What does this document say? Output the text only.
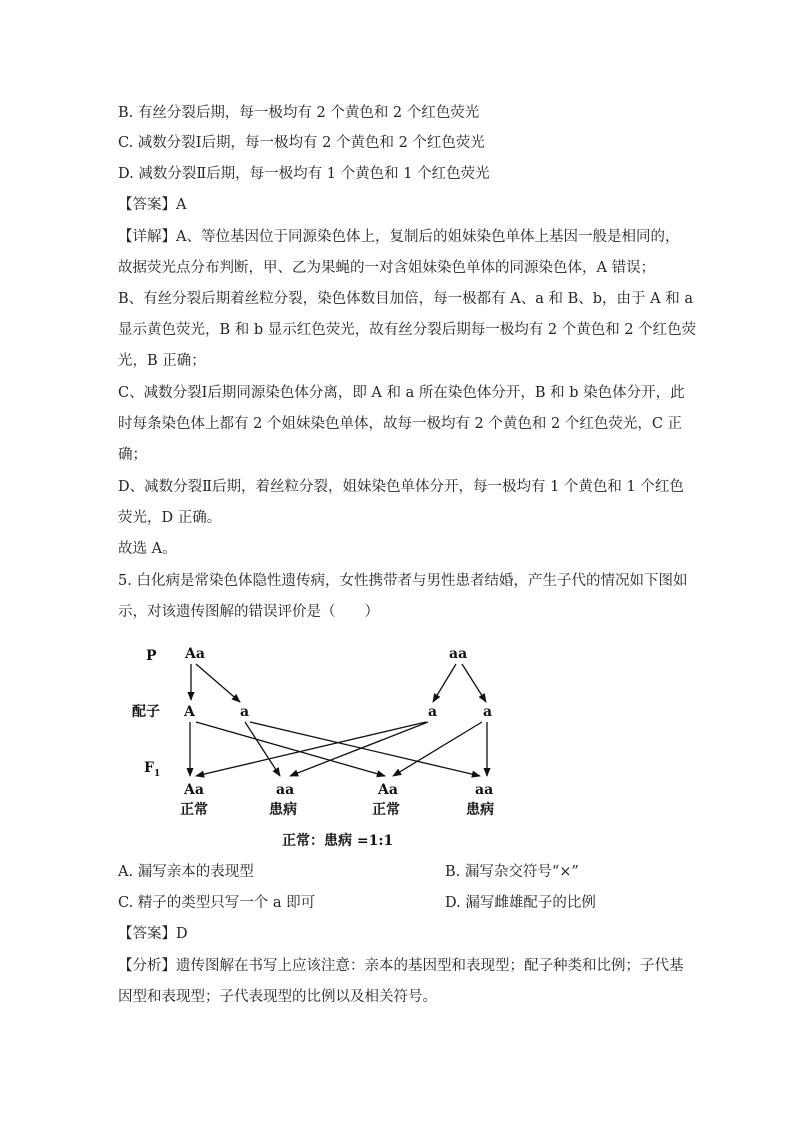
B. 有丝分裂后期，每一极均有 2 个黄色和 2 个红色荧光
C. 减数分裂Ⅰ后期，每一极均有 2 个黄色和 2 个红色荧光
D. 减数分裂Ⅱ后期，每一极均有 1 个黄色和 1 个红色荧光
【答案】A
【详解】A、等位基因位于同源染色体上，复制后的姐妹染色单体上基因一般是相同的，
故据荧光点分布判断，甲、乙为果蝇的一对含姐妹染色单体的同源染色体，A 错误；
B、有丝分裂后期着丝粒分裂，染色体数目加倍，每一极都有 A、a 和 B、b，由于 A 和 a
显示黄色荧光，B 和 b 显示红色荧光，故有丝分裂后期每一极均有 2 个黄色和 2 个红色荧
光，B 正确；
C、减数分裂Ⅰ后期同源染色体分离，即 A 和 a 所在染色体分开，B 和 b 染色体分开，此
时每条染色体上都有 2 个姐妹染色单体，故每一极均有 2 个黄色和 2 个红色荧光，C 正
确；
D、减数分裂Ⅱ后期，着丝粒分裂，姐妹染色单体分开，每一极均有 1 个黄色和 1 个红色
荧光，D 正确。
故选 A。
5. 白化病是常染色体隐性遗传病，女性携带者与男性患者结婚，产生子代的情况如下图如
示，对该遗传图解的错误评价是（　　）
P
配子
$F_1$
Aa	aa
A	a	a	a
Aa	aa	Aa	aa
正常	患病	正常	患病
正常：患病 =1:1
A. 漏写亲本的表现型	B. 漏写杂交符号“×”
C. 精子的类型只写一个 a 即可	D. 漏写雌雄配子的比例
【答案】D
【分析】遗传图解在书写上应该注意：亲本的基因型和表现型；配子种类和比例；子代基
因型和表现型；子代表现型的比例以及相关符号。
